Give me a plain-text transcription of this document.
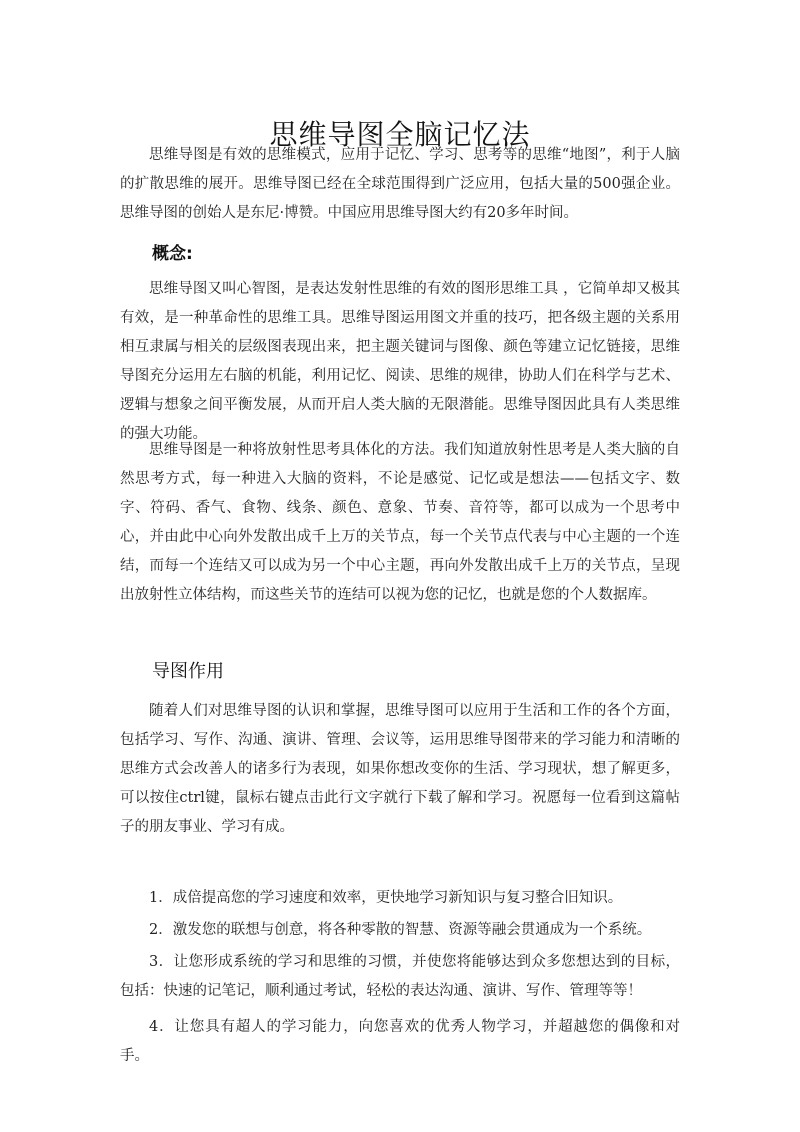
思维导图全脑记忆法

思维导图是有效的思维模式，应用于记忆、学习、思考等的思维“地图”，利于人脑的扩散思维的展开。思维导图已经在全球范围得到广泛应用，包括大量的500强企业。思维导图的创始人是东尼·博赞。中国应用思维导图大约有20多年时间。

概念:

思维导图又叫心智图，是表达发射性思维的有效的图形思维工具 ，它简单却又极其有效，是一种革命性的思维工具。思维导图运用图文并重的技巧，把各级主题的关系用相互隶属与相关的层级图表现出来，把主题关键词与图像、颜色等建立记忆链接，思维导图充分运用左右脑的机能，利用记忆、阅读、思维的规律，协助人们在科学与艺术、逻辑与想象之间平衡发展，从而开启人类大脑的无限潜能。思维导图因此具有人类思维的强大功能。

思维导图是一种将放射性思考具体化的方法。我们知道放射性思考是人类大脑的自然思考方式，每一种进入大脑的资料，不论是感觉、记忆或是想法——包括文字、数字、符码、香气、食物、线条、颜色、意象、节奏、音符等，都可以成为一个思考中心，并由此中心向外发散出成千上万的关节点，每一个关节点代表与中心主题的一个连结，而每一个连结又可以成为另一个中心主题，再向外发散出成千上万的关节点，呈现出放射性立体结构，而这些关节的连结可以视为您的记忆，也就是您的个人数据库。

导图作用

随着人们对思维导图的认识和掌握，思维导图可以应用于生活和工作的各个方面，包括学习、写作、沟通、演讲、管理、会议等，运用思维导图带来的学习能力和清晰的思维方式会改善人的诸多行为表现，如果你想改变你的生活、学习现状，想了解更多，可以按住ctrl键，鼠标右键点击此行文字就行下载了解和学习。祝愿每一位看到这篇帖子的朋友事业、学习有成。

1．成倍提高您的学习速度和效率，更快地学习新知识与复习整合旧知识。

2．激发您的联想与创意，将各种零散的智慧、资源等融会贯通成为一个系统。

3．让您形成系统的学习和思维的习惯，并使您将能够达到众多您想达到的目标，包括：快速的记笔记，顺利通过考试，轻松的表达沟通、演讲、写作、管理等等！

4．让您具有超人的学习能力，向您喜欢的优秀人物学习，并超越您的偶像和对手。
